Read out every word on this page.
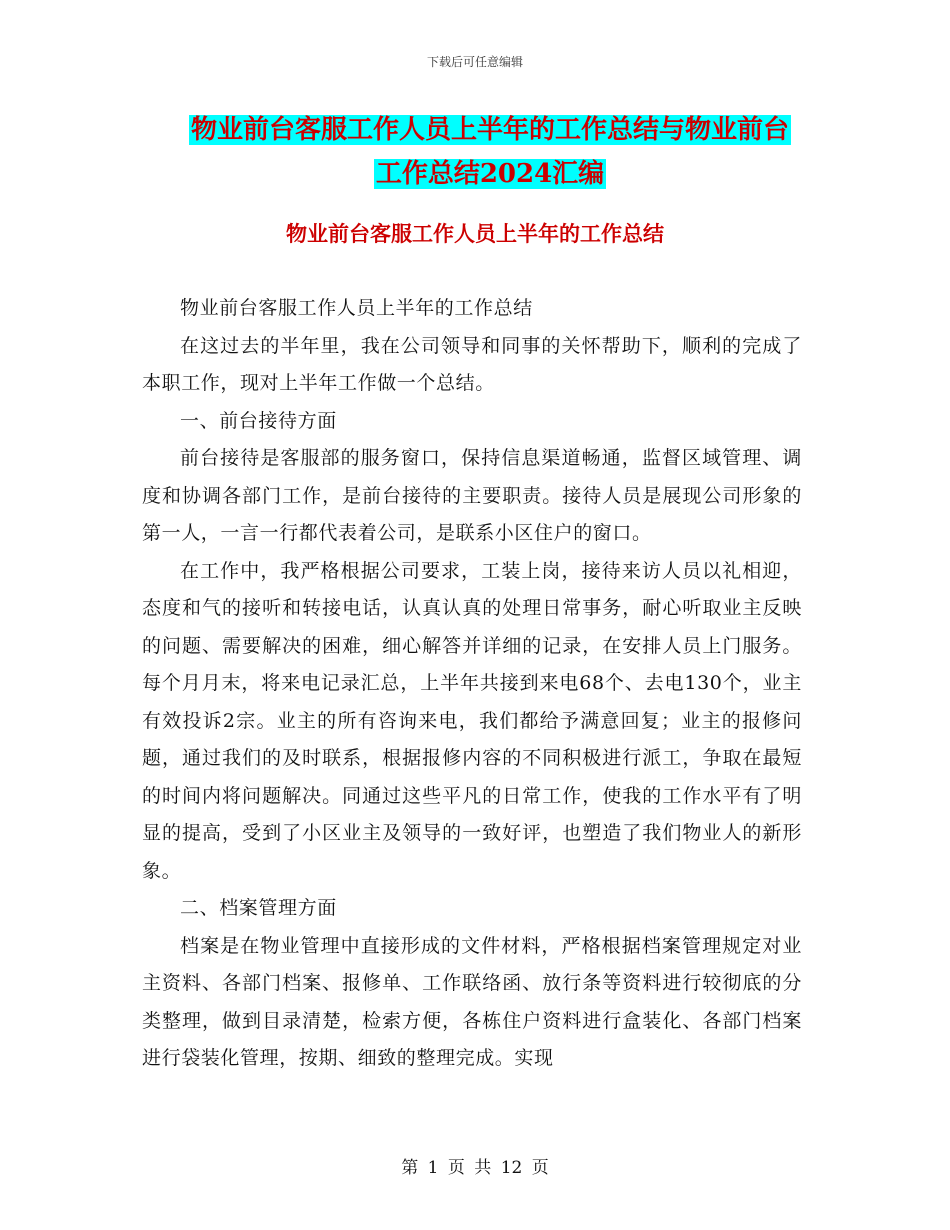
下载后可任意编辑
物业前台客服工作人员上半年的工作总结与物业前台
工作总结2024汇编
物业前台客服工作人员上半年的工作总结

物业前台客服工作人员上半年的工作总结

在这过去的半年里，我在公司领导和同事的关怀帮助下，顺利的完成了本职工作，现对上半年工作做一个总结。

一、前台接待方面

前台接待是客服部的服务窗口，保持信息渠道畅通，监督区域管理、调度和协调各部门工作，是前台接待的主要职责。接待人员是展现公司形象的第一人，一言一行都代表着公司，是联系小区住户的窗口。

在工作中，我严格根据公司要求，工装上岗，接待来访人员以礼相迎，态度和气的接听和转接电话，认真认真的处理日常事务，耐心听取业主反映的问题、需要解决的困难，细心解答并详细的记录，在安排人员上门服务。每个月月末，将来电记录汇总，上半年共接到来电68个、去电130个，业主有效投诉2宗。业主的所有咨询来电，我们都给予满意回复；业主的报修问题，通过我们的及时联系，根据报修内容的不同积极进行派工，争取在最短的时间内将问题解决。同通过这些平凡的日常工作，使我的工作水平有了明显的提高，受到了小区业主及领导的一致好评，也塑造了我们物业人的新形象。

二、档案管理方面

档案是在物业管理中直接形成的文件材料，严格根据档案管理规定对业主资料、各部门档案、报修单、工作联络函、放行条等资料进行较彻底的分类整理，做到目录清楚，检索方便，各栋住户资料进行盒装化、各部门档案进行袋装化管理，按期、细致的整理完成。实现

第 1 页 共 12 页
